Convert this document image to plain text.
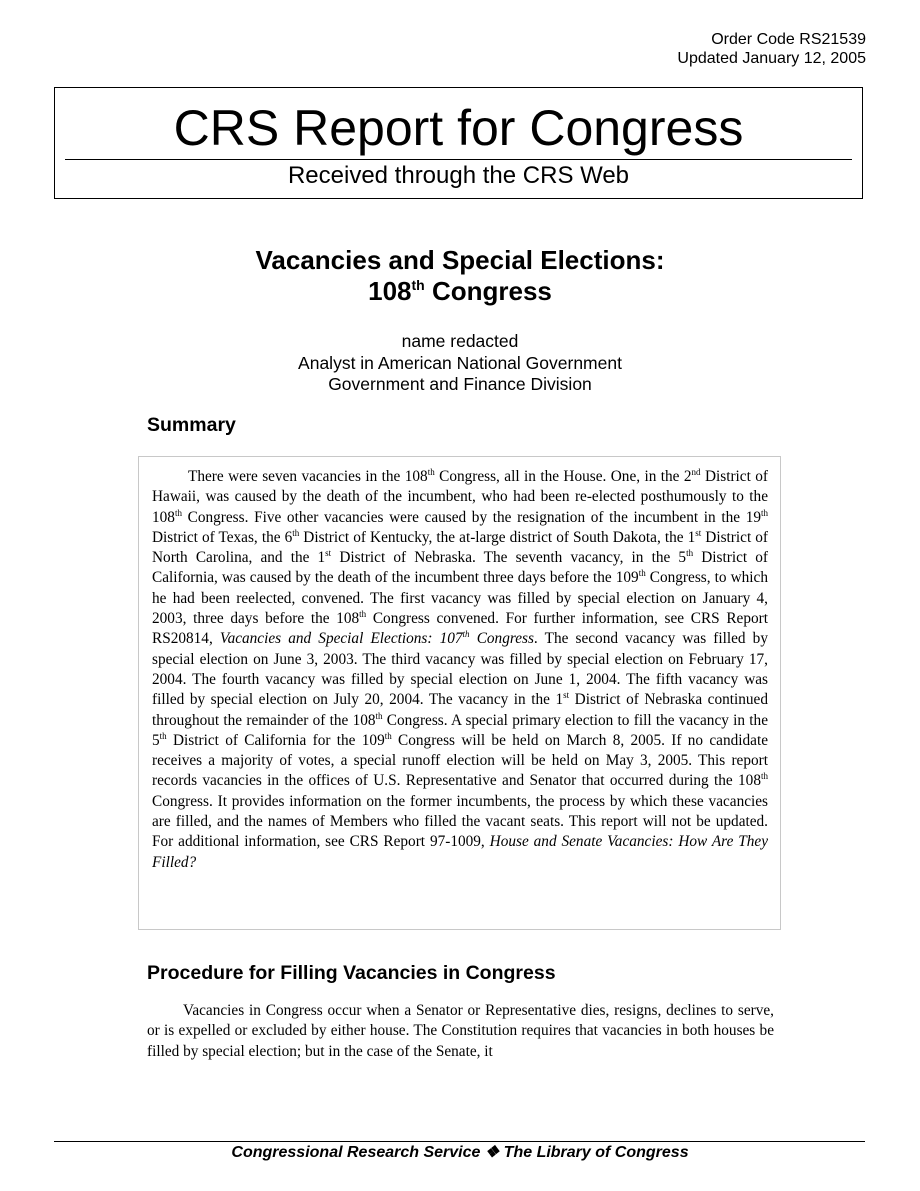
Order Code RS21539
Updated January 12, 2005
CRS Report for Congress
Received through the CRS Web
Vacancies and Special Elections:
108th Congress
name redacted
Analyst in American National Government
Government and Finance Division
Summary

There were seven vacancies in the 108th Congress, all in the House. One, in the 2nd District of Hawaii, was caused by the death of the incumbent, who had been re-elected posthumously to the 108th Congress. Five other vacancies were caused by the resignation of the incumbent in the 19th District of Texas, the 6th District of Kentucky, the at-large district of South Dakota, the 1st District of North Carolina, and the 1st District of Nebraska. The seventh vacancy, in the 5th District of California, was caused by the death of the incumbent three days before the 109th Congress, to which he had been reelected, convened. The first vacancy was filled by special election on January 4, 2003, three days before the 108th Congress convened. For further information, see CRS Report RS20814, Vacancies and Special Elections: 107th Congress. The second vacancy was filled by special election on June 3, 2003. The third vacancy was filled by special election on February 17, 2004. The fourth vacancy was filled by special election on June 1, 2004. The fifth vacancy was filled by special election on July 20, 2004. The vacancy in the 1st District of Nebraska continued throughout the remainder of the 108th Congress. A special primary election to fill the vacancy in the 5th District of California for the 109th Congress will be held on March 8, 2005. If no candidate receives a majority of votes, a special runoff election will be held on May 3, 2005. This report records vacancies in the offices of U.S. Representative and Senator that occurred during the 108th Congress. It provides information on the former incumbents, the process by which these vacancies are filled, and the names of Members who filled the vacant seats. This report will not be updated. For additional information, see CRS Report 97-1009, House and Senate Vacancies: How Are They Filled?

Procedure for Filling Vacancies in Congress

Vacancies in Congress occur when a Senator or Representative dies, resigns, declines to serve, or is expelled or excluded by either house. The Constitution requires that vacancies in both houses be filled by special election; but in the case of the Senate, it

Congressional Research Service ❖ The Library of Congress
